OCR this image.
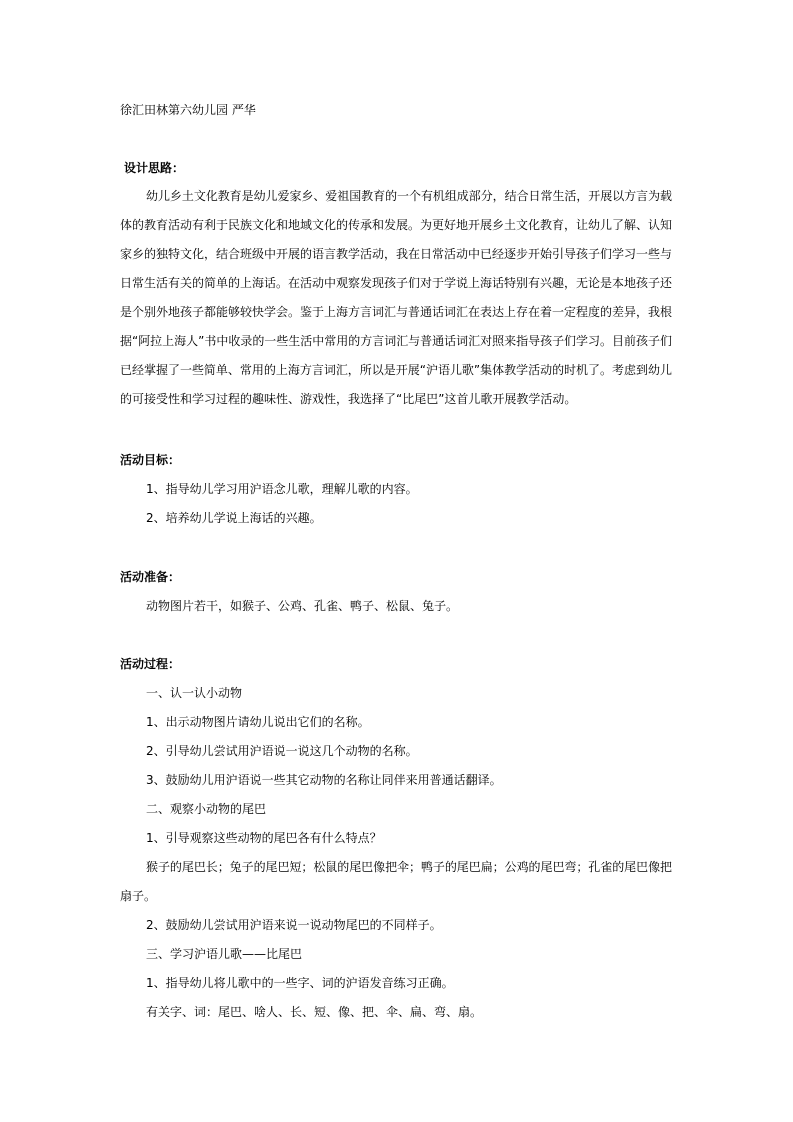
徐汇田林第六幼儿园 严华
设计思路：
幼儿乡土文化教育是幼儿爱家乡、爱祖国教育的一个有机组成部分，结合日常生活，开展以方言为载
体的教育活动有利于民族文化和地域文化的传承和发展。为更好地开展乡土文化教育，让幼儿了解、认知
家乡的独特文化，结合班级中开展的语言教学活动，我在日常活动中已经逐步开始引导孩子们学习一些与
日常生活有关的简单的上海话。在活动中观察发现孩子们对于学说上海话特别有兴趣，无论是本地孩子还
是个别外地孩子都能够较快学会。鉴于上海方言词汇与普通话词汇在表达上存在着一定程度的差异，我根
据“阿拉上海人”书中收录的一些生活中常用的方言词汇与普通话词汇对照来指导孩子们学习。目前孩子们
已经掌握了一些简单、常用的上海方言词汇，所以是开展“沪语儿歌”集体教学活动的时机了。考虑到幼儿
的可接受性和学习过程的趣味性、游戏性，我选择了“比尾巴”这首儿歌开展教学活动。
活动目标：
1、指导幼儿学习用沪语念儿歌，理解儿歌的内容。
2、培养幼儿学说上海话的兴趣。
活动准备：
动物图片若干，如猴子、公鸡、孔雀、鸭子、松鼠、兔子。
活动过程：
一、认一认小动物
1、出示动物图片请幼儿说出它们的名称。
2、引导幼儿尝试用沪语说一说这几个动物的名称。
3、鼓励幼儿用沪语说一些其它动物的名称让同伴来用普通话翻译。
二、观察小动物的尾巴
1、引导观察这些动物的尾巴各有什么特点？
猴子的尾巴长；兔子的尾巴短；松鼠的尾巴像把伞；鸭子的尾巴扁；公鸡的尾巴弯；孔雀的尾巴像把
扇子。
2、鼓励幼儿尝试用沪语来说一说动物尾巴的不同样子。
三、学习沪语儿歌——比尾巴
1、指导幼儿将儿歌中的一些字、词的沪语发音练习正确。
有关字、词：尾巴、啥人、长、短、像、把、伞、扁、弯、扇。
